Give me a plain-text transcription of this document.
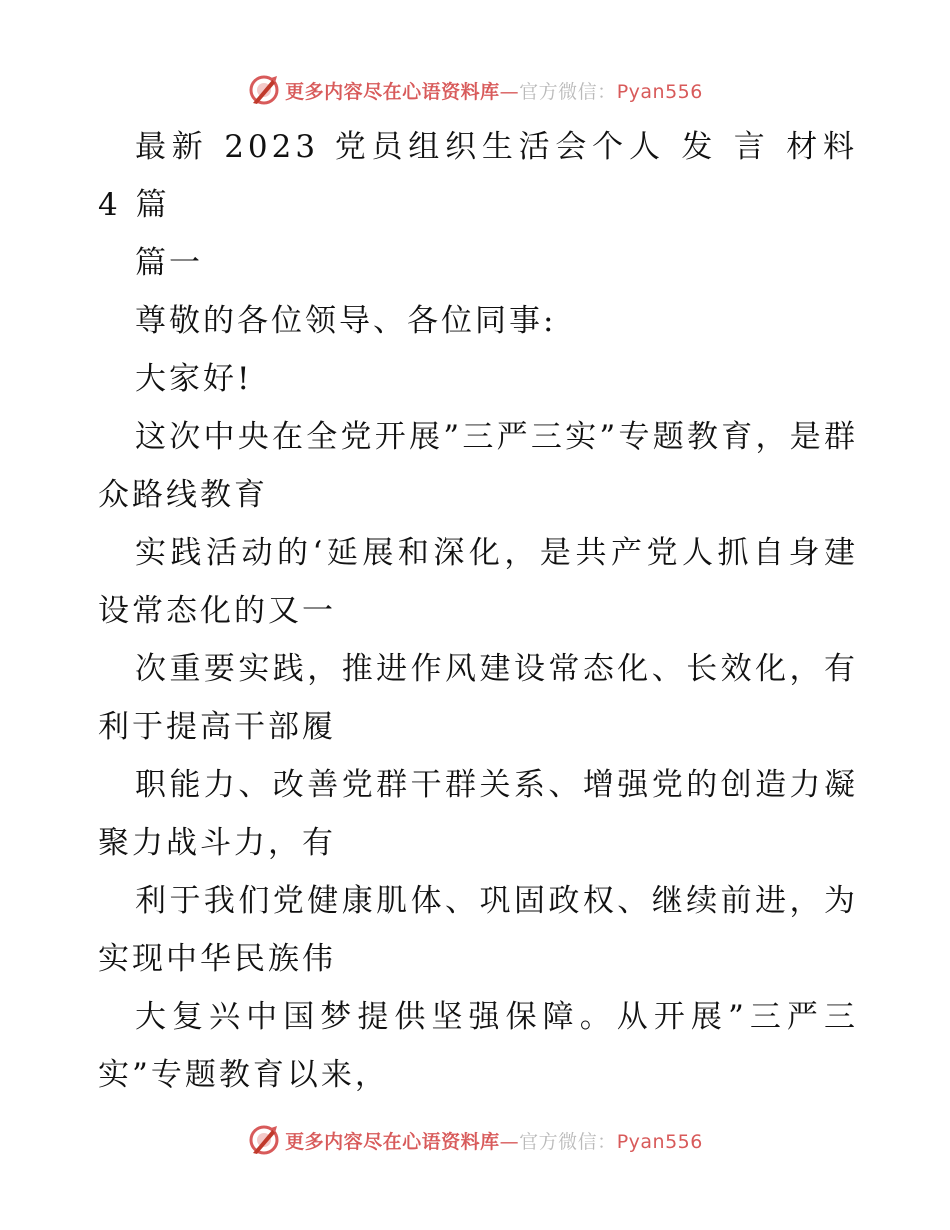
更多内容尽在心语资料库—官方微信：Pyan556

最新 2023 党员组织生活会个人 发 言 材料 4 篇

篇一

尊敬的各位领导、各位同事:

大家好!

这次中央在全党开展”三严三实”专题教育，是群众路线教育

实践活动的‘延展和深化，是共产党人抓自身建设常态化的又一

次重要实践，推进作风建设常态化、长效化，有利于提高干部履

职能力、改善党群干群关系、增强党的创造力凝聚力战斗力，有

利于我们党健康肌体、巩固政权、继续前进，为实现中华民族伟

大复兴中国梦提供坚强保障。从开展”三严三实”专题教育以来，

更多内容尽在心语资料库—官方微信：Pyan556
